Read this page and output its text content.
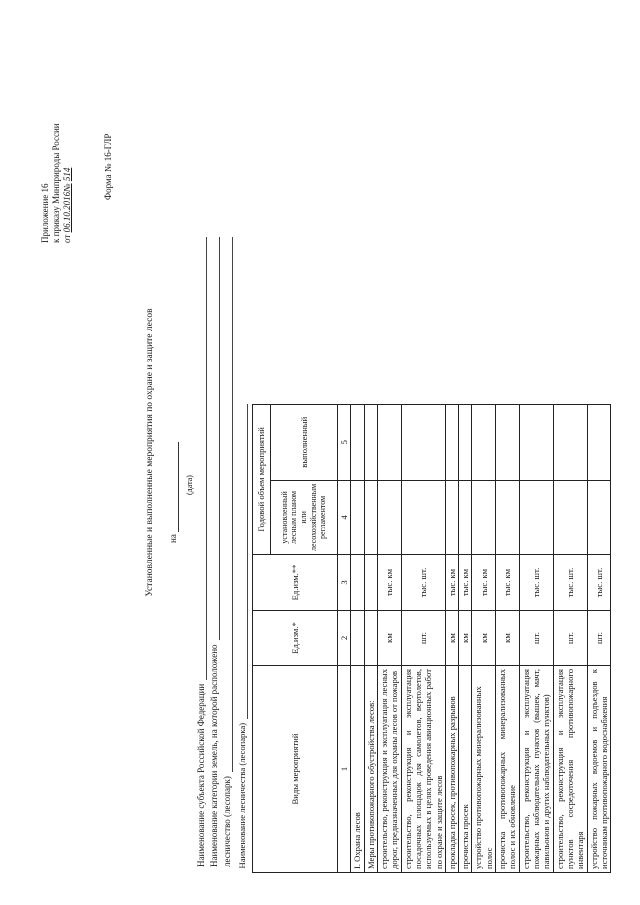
Приложение 16 к приказу Минприроды России от 06.10.2016№ 514	Форма № 16-ГЛР
Установленные и выполненные мероприятия по охране и защите лесов на
(дата)
Наименование субъекта Российской Федерации Наименование категории земель, на которой расположено лесничество (лесопарк) Наименование лесничества (лесопарка)				

Виды мероприятий	Ед.изм.*	Ед.изм.**	Годовой объем мероприятий	
			установленный лесным планом или лесохозяйственным регламентом	выполненный
1	2	3	4	5
I. Охрана лесов				
Меры противопожарного обустройства лесов:				
строительство, реконструкция и эксплуатация лесных дорог, предназначенных для охраны лесов от пожаров	км	тыс. км		
строительство, реконструкция и эксплуатация посадочных площадок для самолетов, вертолетов, используемых в целях проведения авиационных работ по охране и защите лесов	шт.	тыс. шт.		
прокладка просек, противопожарных разрывов	км	тыс. км		
прочистка просек	км	тыс. км		
устройство противопожарных минерализованных полос	км	тыс. км		
прочистка противопожарных минерализованных полос и их обновление	км	тыс. км		
строительство, реконструкция и эксплуатация пожарных наблюдательных пунктов (вышек, мачт, павильонов и других наблюдательных пунктов)	шт.	тыс. шт.		
строительство, реконструкция и эксплуатация пунктов сосредоточения противопожарного инвентаря	шт.	тыс. шт.		
устройство пожарных водоемов и подъездов к источникам противопожарного водоснабжения	шт.	тыс. шт.		
